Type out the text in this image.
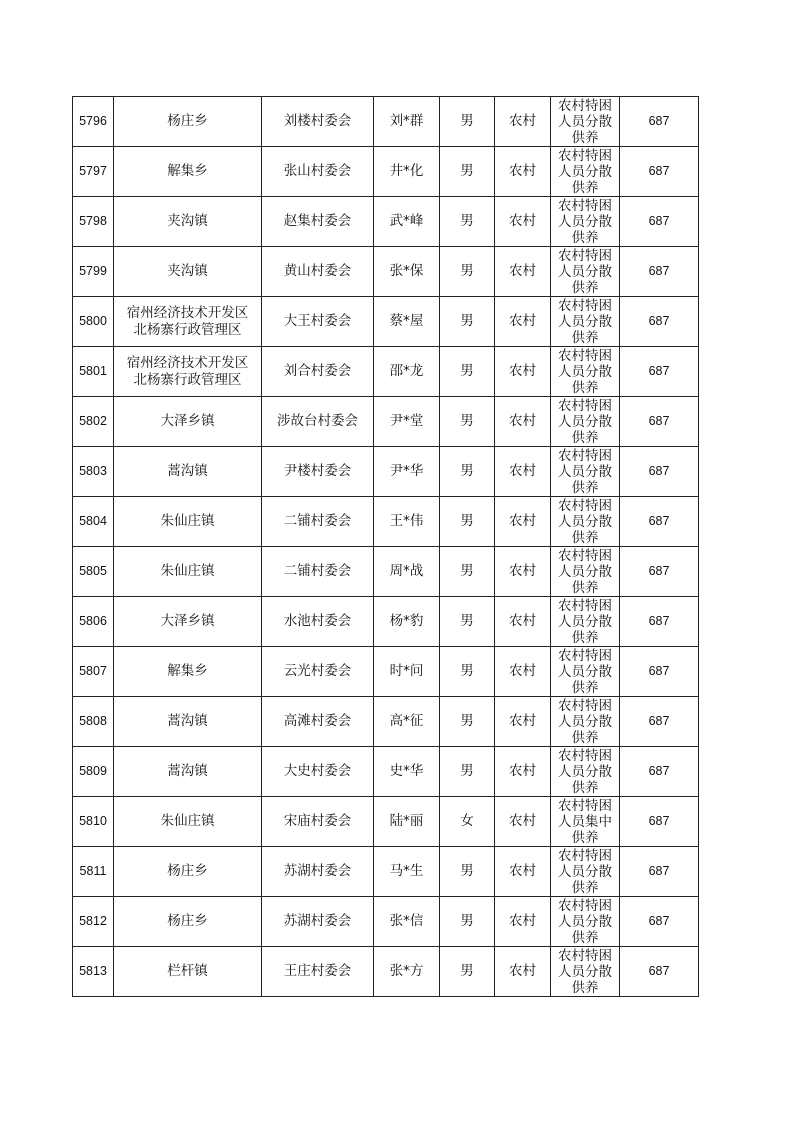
5796	杨庄乡	刘楼村委会	刘*群	男	农村	农村特困人员分散供养	687
5797	解集乡	张山村委会	井*化	男	农村	农村特困人员分散供养	687
5798	夹沟镇	赵集村委会	武*峰	男	农村	农村特困人员分散供养	687
5799	夹沟镇	黄山村委会	张*保	男	农村	农村特困人员分散供养	687
5800	宿州经济技术开发区
北杨寨行政管理区	大王村委会	蔡*屋	男	农村	农村特困人员分散供养	687
5801	宿州经济技术开发区
北杨寨行政管理区	刘合村委会	邵*龙	男	农村	农村特困人员分散供养	687
5802	大泽乡镇	涉故台村委会	尹*堂	男	农村	农村特困人员分散供养	687
5803	蒿沟镇	尹楼村委会	尹*华	男	农村	农村特困人员分散供养	687
5804	朱仙庄镇	二铺村委会	王*伟	男	农村	农村特困人员分散供养	687
5805	朱仙庄镇	二铺村委会	周*战	男	农村	农村特困人员分散供养	687
5806	大泽乡镇	水池村委会	杨*豹	男	农村	农村特困人员分散供养	687
5807	解集乡	云光村委会	时*问	男	农村	农村特困人员分散供养	687
5808	蒿沟镇	高滩村委会	高*征	男	农村	农村特困人员分散供养	687
5809	蒿沟镇	大史村委会	史*华	男	农村	农村特困人员分散供养	687
5810	朱仙庄镇	宋庙村委会	陆*丽	女	农村	农村特困人员集中供养	687
5811	杨庄乡	苏湖村委会	马*生	男	农村	农村特困人员分散供养	687
5812	杨庄乡	苏湖村委会	张*信	男	农村	农村特困人员分散供养	687
5813	栏杆镇	王庄村委会	张*方	男	农村	农村特困人员分散供养	687
